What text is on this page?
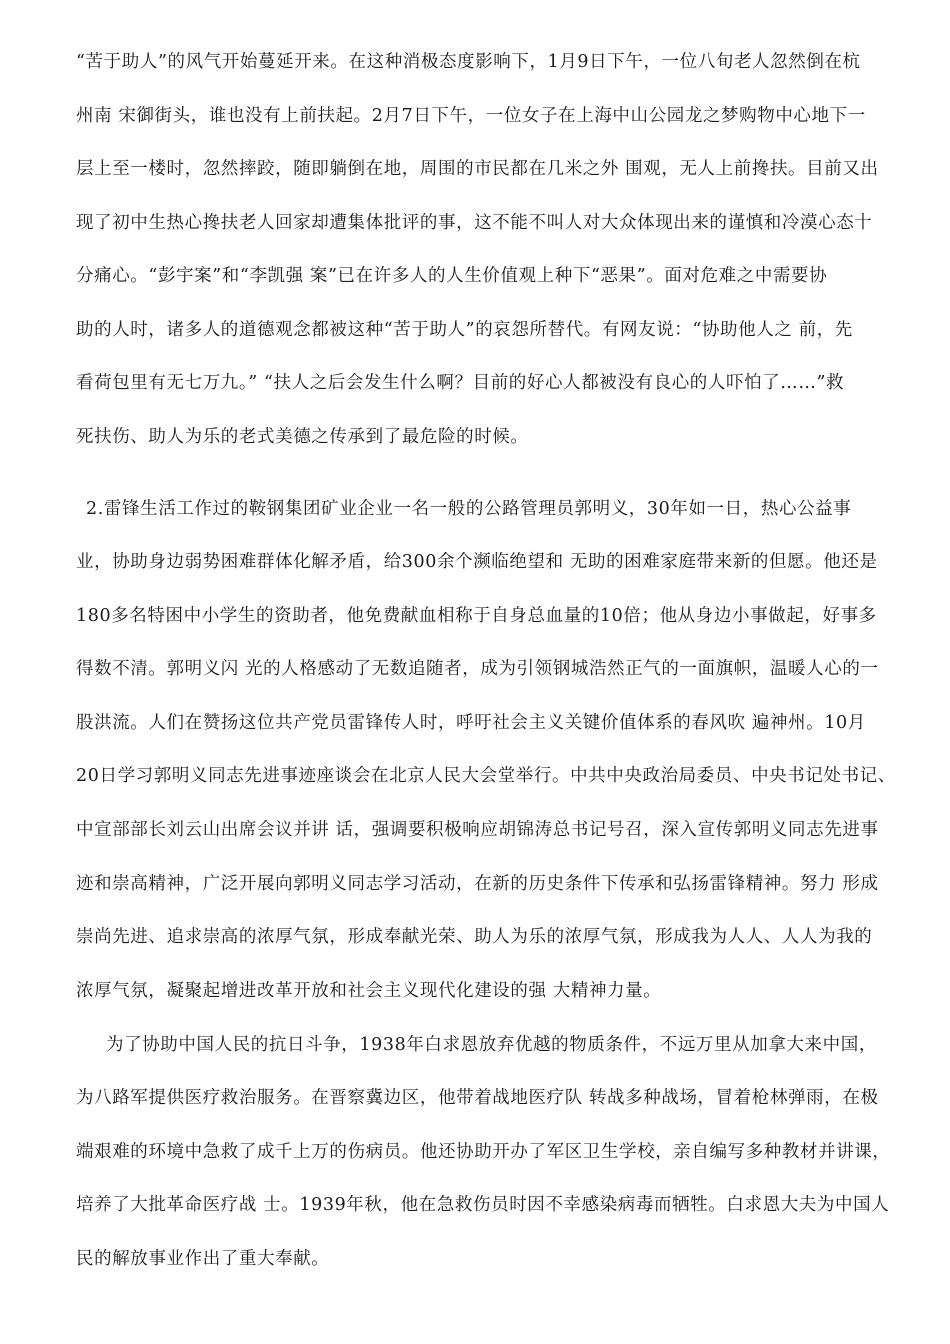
“苦于助人”的风气开始蔓延开来。在这种消极态度影响下，1月9日下午，一位八旬老人忽然倒在杭
州南 宋御街头，谁也没有上前扶起。2月7日下午，一位女子在上海中山公园龙之梦购物中心地下一
层上至一楼时，忽然摔跤，随即躺倒在地，周围的市民都在几米之外 围观，无人上前搀扶。目前又出
现了初中生热心搀扶老人回家却遭集体批评的事，这不能不叫人对大众体现出来的谨慎和冷漠心态十
分痛心。“彭宇案”和“李凯强 案”已在许多人的人生价值观上种下“恶果”。面对危难之中需要协
助的人时，诸多人的道德观念都被这种“苦于助人”的哀怨所替代。有网友说：“协助他人之 前，先
看荷包里有无七万九。” “扶人之后会发生什么啊？目前的好心人都被没有良心的人吓怕了……”救
死扶伤、助人为乐的老式美德之传承到了最危险的时候。
2.雷锋生活工作过的鞍钢集团矿业企业一名一般的公路管理员郭明义，30年如一日，热心公益事
业，协助身边弱势困难群体化解矛盾，给300余个濒临绝望和 无助的困难家庭带来新的但愿。他还是
180多名特困中小学生的资助者，他免费献血相称于自身总血量的10倍；他从身边小事做起，好事多
得数不清。郭明义闪 光的人格感动了无数追随者，成为引领钢城浩然正气的一面旗帜，温暖人心的一
股洪流。人们在赞扬这位共产党员雷锋传人时，呼吁社会主义关键价值体系的春风吹 遍神州。10月
20日学习郭明义同志先进事迹座谈会在北京人民大会堂举行。中共中央政治局委员、中央书记处书记、
中宣部部长刘云山出席会议并讲 话，强调要积极响应胡锦涛总书记号召，深入宣传郭明义同志先进事
迹和崇高精神，广泛开展向郭明义同志学习活动，在新的历史条件下传承和弘扬雷锋精神。努力 形成
崇尚先进、追求崇高的浓厚气氛，形成奉献光荣、助人为乐的浓厚气氛，形成我为人人、人人为我的
浓厚气氛，凝聚起增进改革开放和社会主义现代化建设的强 大精神力量。
为了协助中国人民的抗日斗争，1938年白求恩放弃优越的物质条件，不远万里从加拿大来中国，
为八路军提供医疗救治服务。在晋察冀边区，他带着战地医疗队 转战多种战场，冒着枪林弹雨，在极
端艰难的环境中急救了成千上万的伤病员。他还协助开办了军区卫生学校，亲自编写多种教材并讲课，
培养了大批革命医疗战 士。1939年秋，他在急救伤员时因不幸感染病毒而牺牲。白求恩大夫为中国人
民的解放事业作出了重大奉献。
